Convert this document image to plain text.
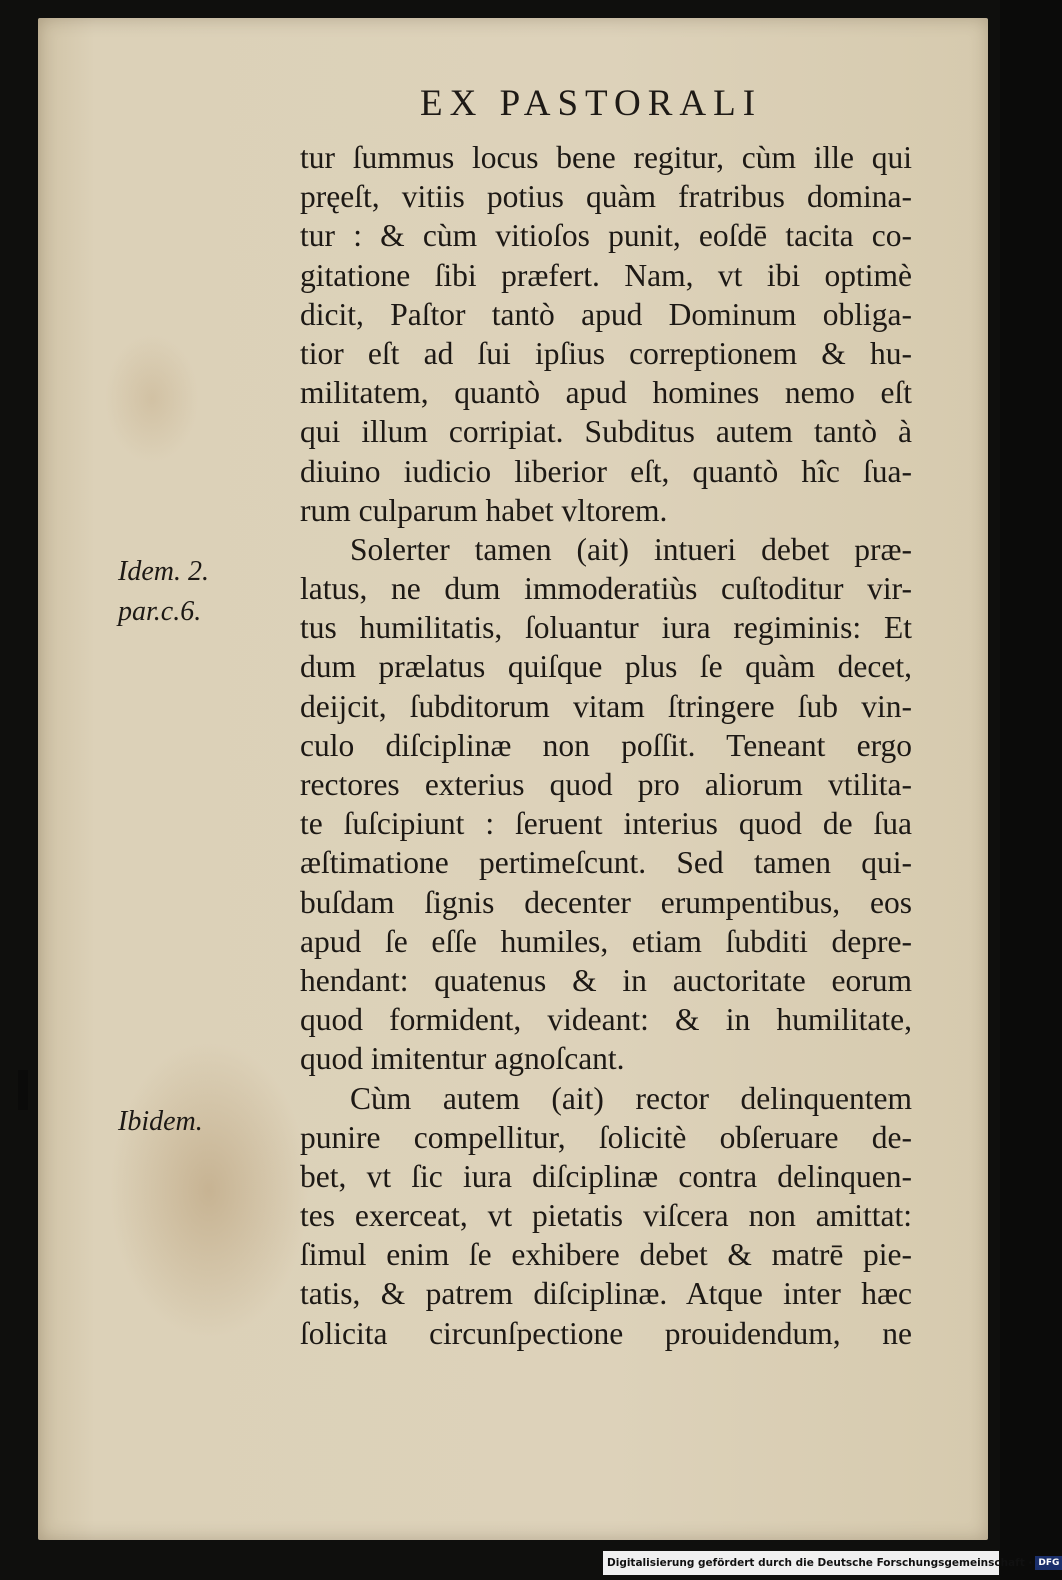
EX PASTORALI
tur ſummus locus bene regitur, cùm ille qui
pręeſt, vitiis potius quàm fratribus domina-
tur : & cùm vitioſos punit, eoſdē tacita co-
gitatione ſibi præfert. Nam, vt ibi optimè
dicit, Paſtor tantò apud Dominum obliga-
tior eſt ad ſui ipſius correptionem & hu-
militatem, quantò apud homines nemo eſt
qui illum corripiat. Subditus autem tantò à
diuino iudicio liberior eſt, quantò hîc ſua-
rum culparum habet vltorem.
Solerter tamen (ait) intueri debet præ-
latus, ne dum immoderatiùs cuſtoditur vir-
tus humilitatis, ſoluantur iura regiminis: Et
dum prælatus quiſque plus ſe quàm decet,
deijcit, ſubditorum vitam ſtringere ſub vin-
culo diſciplinæ non poſſit. Teneant ergo
rectores exterius quod pro aliorum vtilita-
te ſuſcipiunt : ſeruent interius quod de ſua
æſtimatione pertimeſcunt. Sed tamen qui-
buſdam ſignis decenter erumpentibus, eos
apud ſe eſſe humiles, etiam ſubditi depre-
hendant: quatenus & in auctoritate eorum
quod formident, videant: & in humilitate,
quod imitentur agnoſcant.
Cùm autem (ait) rector delinquentem
punire compellitur, ſolicitè obſeruare de-
bet, vt ſic iura diſciplinæ contra delinquen-
tes exerceat, vt pietatis viſcera non amittat:
ſimul enim ſe exhibere debet & matrē pie-
tatis, & patrem diſciplinæ. Atque inter hæc
ſolicita circunſpectione prouidendum, ne
Idem. 2.
par.c.6.
Ibidem.
Digitalisierung gefördert durch die Deutsche Forschungsgemeinschaft · DFG
